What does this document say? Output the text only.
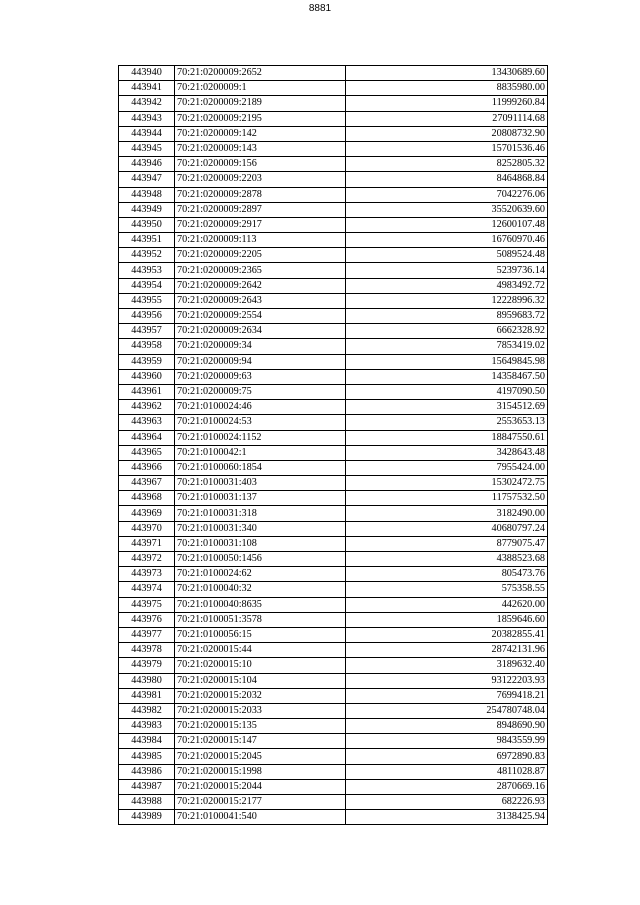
8881
443940	70:21:0200009:2652	13430689.60
443941	70:21:0200009:1	8835980.00
443942	70:21:0200009:2189	11999260.84
443943	70:21:0200009:2195	27091114.68
443944	70:21:0200009:142	20808732.90
443945	70:21:0200009:143	15701536.46
443946	70:21:0200009:156	8252805.32
443947	70:21:0200009:2203	8464868.84
443948	70:21:0200009:2878	7042276.06
443949	70:21:0200009:2897	35520639.60
443950	70:21:0200009:2917	12600107.48
443951	70:21:0200009:113	16760970.46
443952	70:21:0200009:2205	5089524.48
443953	70:21:0200009:2365	5239736.14
443954	70:21:0200009:2642	4983492.72
443955	70:21:0200009:2643	12228996.32
443956	70:21:0200009:2554	8959683.72
443957	70:21:0200009:2634	6662328.92
443958	70:21:0200009:34	7853419.02
443959	70:21:0200009:94	15649845.98
443960	70:21:0200009:63	14358467.50
443961	70:21:0200009:75	4197090.50
443962	70:21:0100024:46	3154512.69
443963	70:21:0100024:53	2553653.13
443964	70:21:0100024:1152	18847550.61
443965	70:21:0100042:1	3428643.48
443966	70:21:0100060:1854	7955424.00
443967	70:21:0100031:403	15302472.75
443968	70:21:0100031:137	11757532.50
443969	70:21:0100031:318	3182490.00
443970	70:21:0100031:340	40680797.24
443971	70:21:0100031:108	8779075.47
443972	70:21:0100050:1456	4388523.68
443973	70:21:0100024:62	805473.76
443974	70:21:0100040:32	575358.55
443975	70:21:0100040:8635	442620.00
443976	70:21:0100051:3578	1859646.60
443977	70:21:0100056:15	20382855.41
443978	70:21:0200015:44	28742131.96
443979	70:21:0200015:10	3189632.40
443980	70:21:0200015:104	93122203.93
443981	70:21:0200015:2032	7699418.21
443982	70:21:0200015:2033	254780748.04
443983	70:21:0200015:135	8948690.90
443984	70:21:0200015:147	9843559.99
443985	70:21:0200015:2045	6972890.83
443986	70:21:0200015:1998	4811028.87
443987	70:21:0200015:2044	2870669.16
443988	70:21:0200015:2177	682226.93
443989	70:21:0100041:540	3138425.94
